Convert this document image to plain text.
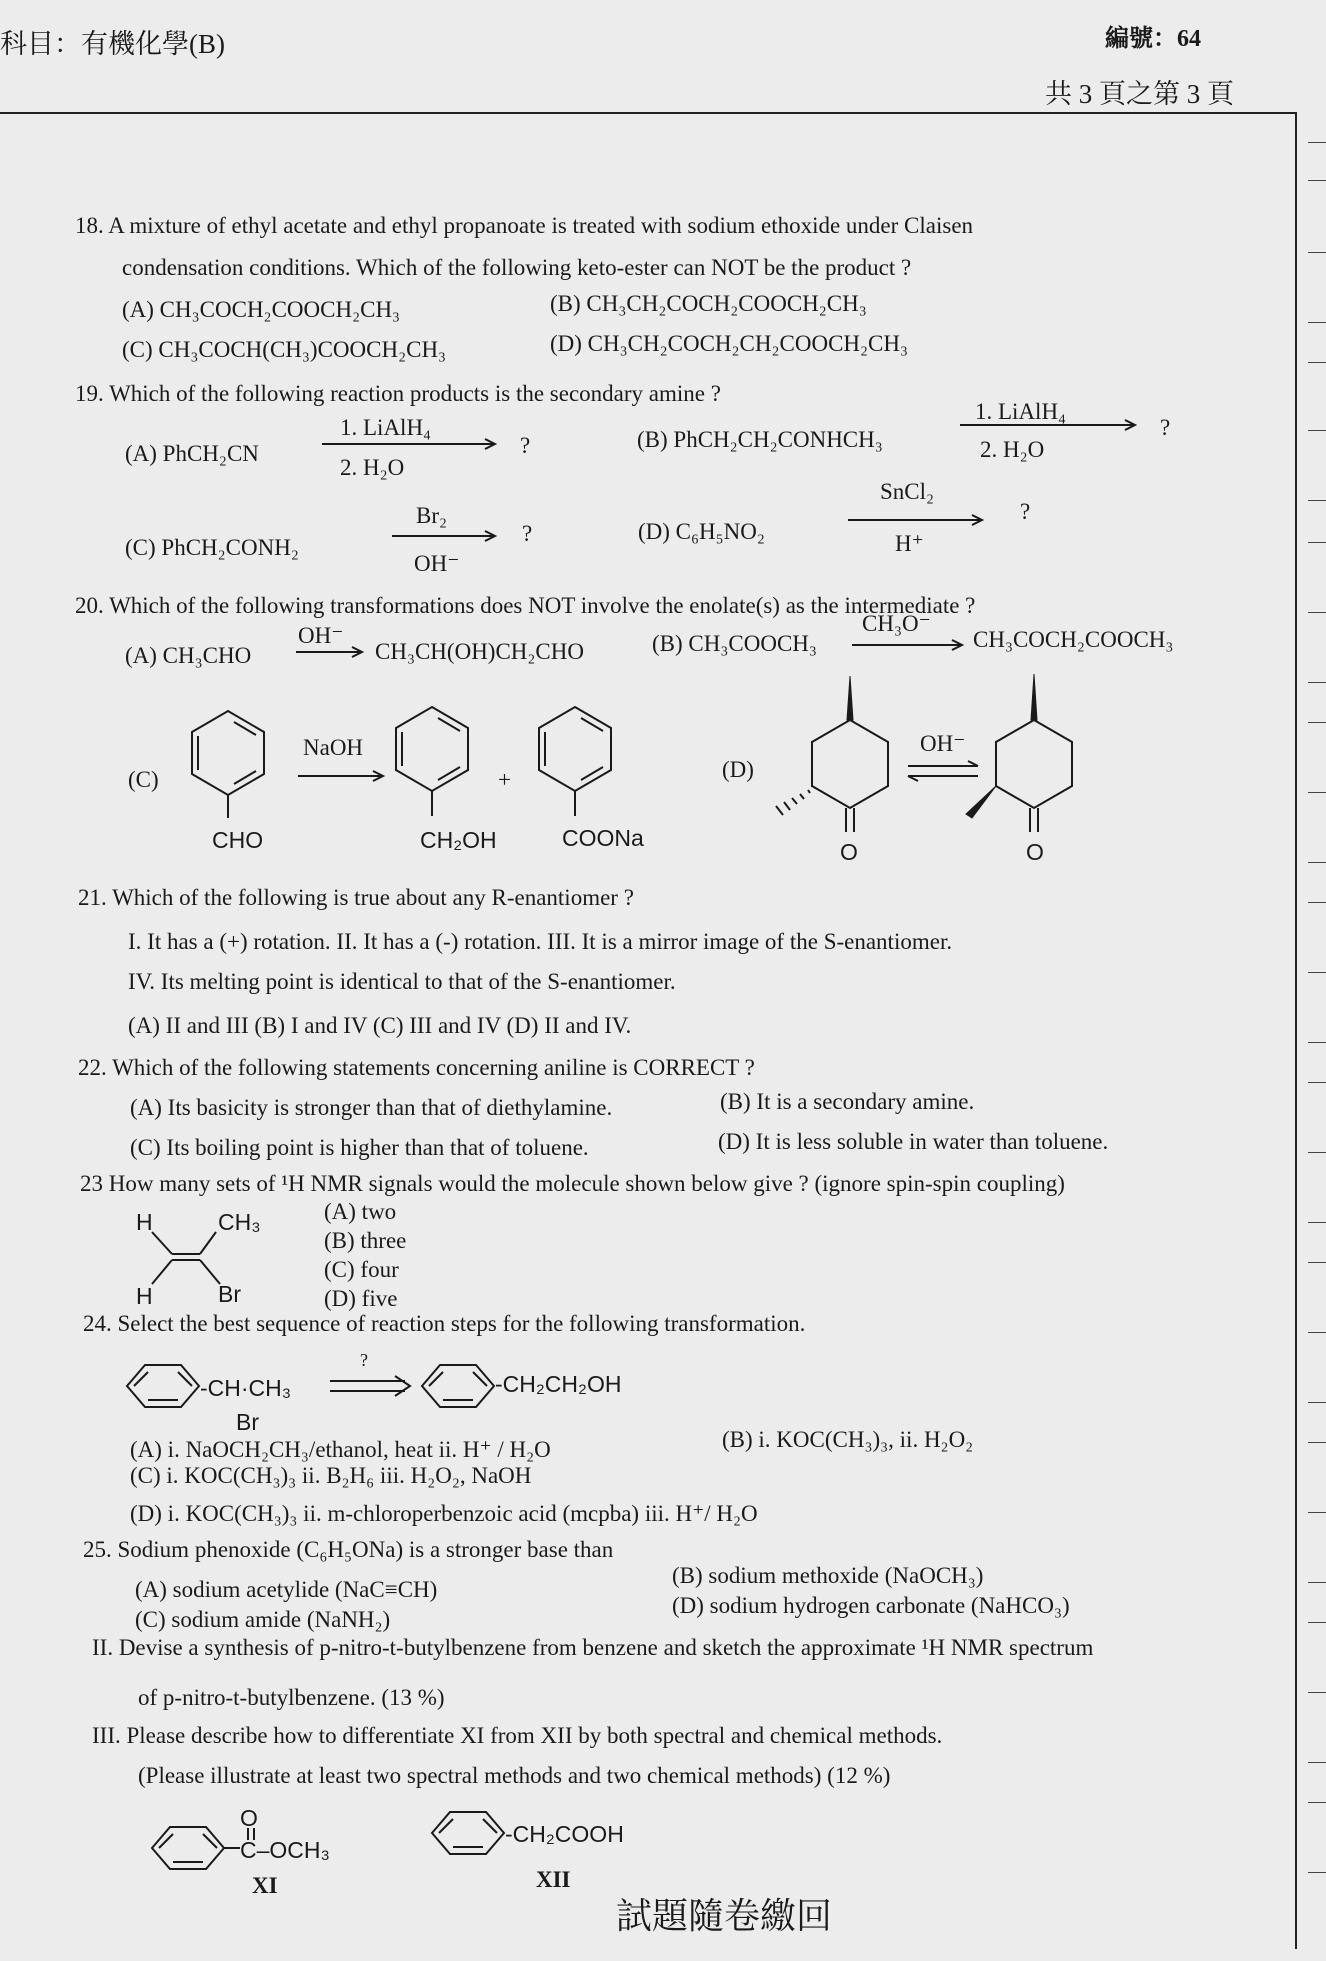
科目：有機化學(B)	編號：64
共 3 頁之第 3 頁
18. A mixture of ethyl acetate and ethyl propanoate is treated with sodium ethoxide under Claisen
condensation conditions. Which of the following keto-ester can NOT be the product ?
(A) CH₃COCH₂COOCH₂CH₃	(B) CH₃CH₂COCH₂COOCH₂CH₃
(C) CH₃COCH(CH₃)COOCH₂CH₃	(D) CH₃CH₂COCH₂CH₂COOCH₂CH₃
19. Which of the following reaction products is the secondary amine ?
(A) PhCH₂CN
1. LiAlH₄
2. H₂O
?	(B) PhCH₂CH₂CONHCH₃
1. LiAlH₄
2. H₂O
?
(C) PhCH₂CONH₂
Br₂
OH⁻
?	(D) C₆H₅NO₂
SnCl₂
H⁺
?
20. Which of the following transformations does NOT involve the enolate(s) as the intermediate ?
(A) CH₃CHO
OH⁻
CH₃CH(OH)CH₂CHO	(B) CH₃COOCH₃
CH₃O⁻
CH₃COCH₂COOCH₃
(C)
NaOH
+	(D)
OH⁻
CHO	CH₂OH	COONa
O	O
21. Which of the following is true about any R-enantiomer ?
I. It has a (+) rotation. II. It has a (-) rotation. III. It is a mirror image of the S-enantiomer.
IV. Its melting point is identical to that of the S-enantiomer.
(A) II and III (B) I and IV (C) III and IV (D) II and IV.
22. Which of the following statements concerning aniline is CORRECT ?
(A) Its basicity is stronger than that of diethylamine.	(B) It is a secondary amine.
(C) Its boiling point is higher than that of toluene.	(D) It is less soluble in water than toluene.
23 How many sets of ¹H NMR signals would the molecule shown below give ? (ignore spin-spin coupling)
H	CH₃
H	Br
(A) two
(B) three
(C) four
(D) five
24. Select the best sequence of reaction steps for the following transformation.
-CH·CH₃
Br
?
-CH₂CH₂OH
(A) i. NaOCH₂CH₃/ethanol, heat ii. H⁺ / H₂O	(B) i. KOC(CH₃)₃, ii. H₂O₂
(C) i. KOC(CH₃)₃ ii. B₂H₆ iii. H₂O₂, NaOH
(D) i. KOC(CH₃)₃ ii. m-chloroperbenzoic acid (mcpba) iii. H⁺/ H₂O
25. Sodium phenoxide (C₆H₅ONa) is a stronger base than
(A) sodium acetylide (NaC≡CH)
(B) sodium methoxide (NaOCH₃)
(C) sodium amide (NaNH₂)
(D) sodium hydrogen carbonate (NaHCO₃)
II. Devise a synthesis of p-nitro-t-butylbenzene from benzene and sketch the approximate ¹H NMR spectrum
of p-nitro-t-butylbenzene. (13 %)
III. Please describe how to differentiate XI from XII by both spectral and chemical methods.
(Please illustrate at least two spectral methods and two chemical methods) (12 %)
O
C–OCH₃
XI
-CH₂COOH
XII
試題隨卷繳回
